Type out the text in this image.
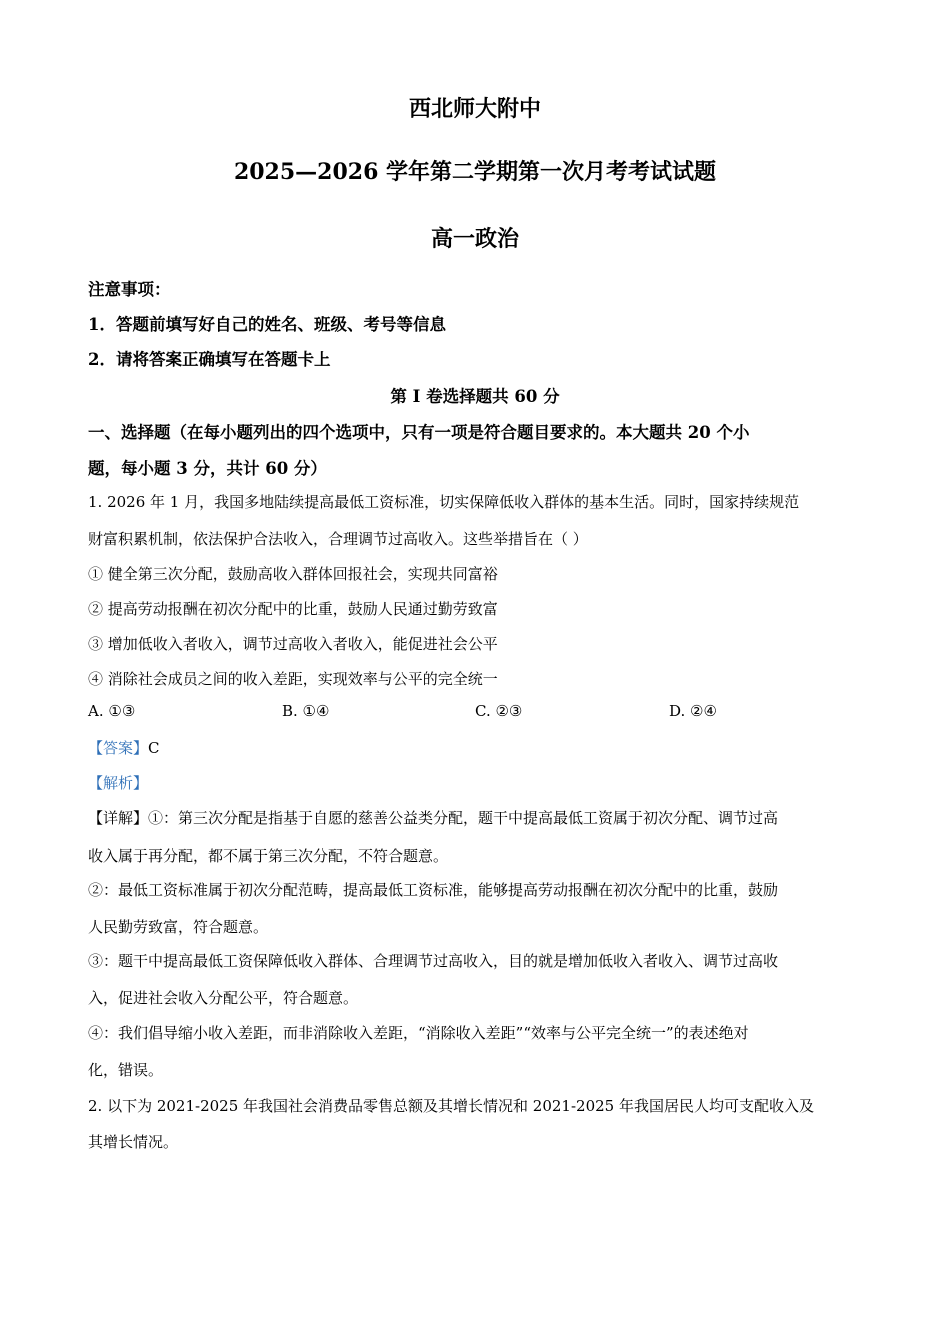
西北师大附中
2025—2026 学年第二学期第一次月考考试试题
高一政治
注意事项：
1．答题前填写好自己的姓名、班级、考号等信息
2．请将答案正确填写在答题卡上
第 I 卷选择题共 60 分
一、选择题（在每小题列出的四个选项中，只有一项是符合题目要求的。本大题共 20 个小
题，每小题 3 分，共计 60 分）
1. 2026 年 1 月，我国多地陆续提高最低工资标准，切实保障低收入群体的基本生活。同时，国家持续规范
财富积累机制，依法保护合法收入，合理调节过高收入。这些举措旨在（ ）
① 健全第三次分配，鼓励高收入群体回报社会，实现共同富裕
② 提高劳动报酬在初次分配中的比重，鼓励人民通过勤劳致富
③ 增加低收入者收入，调节过高收入者收入，能促进社会公平
④ 消除社会成员之间的收入差距，实现效率与公平的完全统一
A. ①③	B. ①④	C. ②③	D. ②④
【答案】C
【解析】
【详解】①：第三次分配是指基于自愿的慈善公益类分配，题干中提高最低工资属于初次分配、调节过高
收入属于再分配，都不属于第三次分配，不符合题意。
②：最低工资标准属于初次分配范畴，提高最低工资标准，能够提高劳动报酬在初次分配中的比重，鼓励
人民勤劳致富，符合题意。
③：题干中提高最低工资保障低收入群体、合理调节过高收入，目的就是增加低收入者收入、调节过高收
入，促进社会收入分配公平，符合题意。
④：我们倡导缩小收入差距，而非消除收入差距，“消除收入差距”“效率与公平完全统一”的表述绝对
化，错误。
2. 以下为 2021-2025 年我国社会消费品零售总额及其增长情况和 2021-2025 年我国居民人均可支配收入及
其增长情况。
